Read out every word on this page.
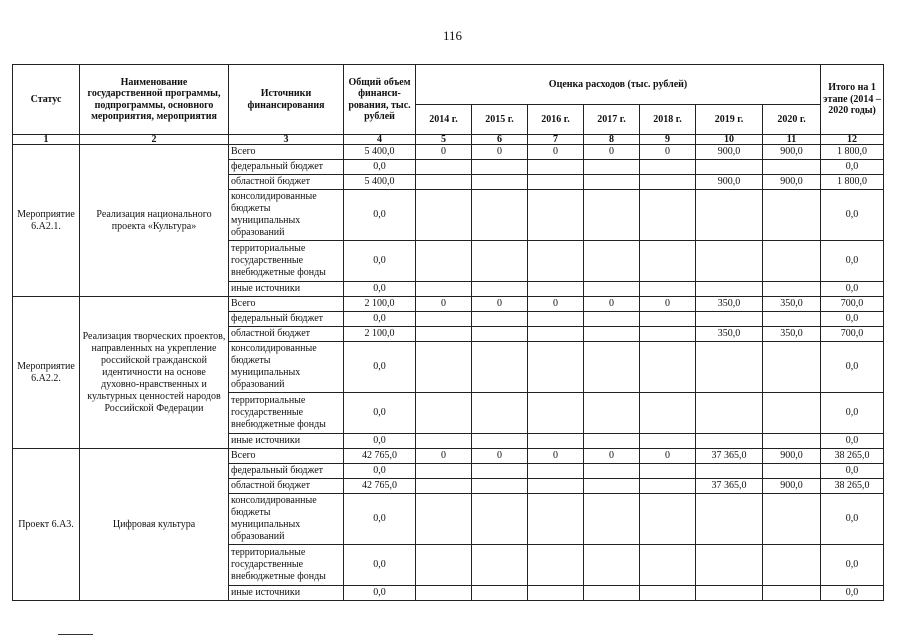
116
Статус	Наименование государственной программы, подпрограммы, основного мероприятия, мероприятия	Источники финансирования	Общий объем финанси-рования, тыс. рублей	Оценка расходов (тыс. рублей)							Итого на 1 этапе (2014 – 2020 годы)
				2014 г.	2015 г.	2016 г.	2017 г.	2018 г.	2019 г.	2020 г.	
1	2	3	4	5	6	7	8	9	10	11	12
Мероприятие 6.А2.1.	Реализация национального проекта «Культура»	Всего	5 400,0	0	0	0	0	0	900,0	900,0	1 800,0
		федеральный бюджет	0,0								0,0
		областной бюджет	5 400,0						900,0	900,0	1 800,0
		консолидированные бюджеты муниципальных образований	0,0								0,0
		территориальные государственные внебюджетные фонды	0,0								0,0
		иные источники	0,0								0,0
Мероприятие 6.А2.2.	Реализация творческих проектов, направленных на укрепление российской гражданской идентичности на основе духовно-нравственных и культурных ценностей народов Российской Федерации	Всего	2 100,0	0	0	0	0	0	350,0	350,0	700,0
		федеральный бюджет	0,0								0,0
		областной бюджет	2 100,0						350,0	350,0	700,0
		консолидированные бюджеты муниципальных образований	0,0								0,0
		территориальные государственные внебюджетные фонды	0,0								0,0
		иные источники	0,0								0,0
Проект 6.А3.	Цифровая культура	Всего	42 765,0	0	0	0	0	0	37 365,0	900,0	38 265,0
		федеральный бюджет	0,0								0,0
		областной бюджет	42 765,0						37 365,0	900,0	38 265,0
		консолидированные бюджеты муниципальных образований	0,0								0,0
		территориальные государственные внебюджетные фонды	0,0								0,0
		иные источники	0,0								0,0
